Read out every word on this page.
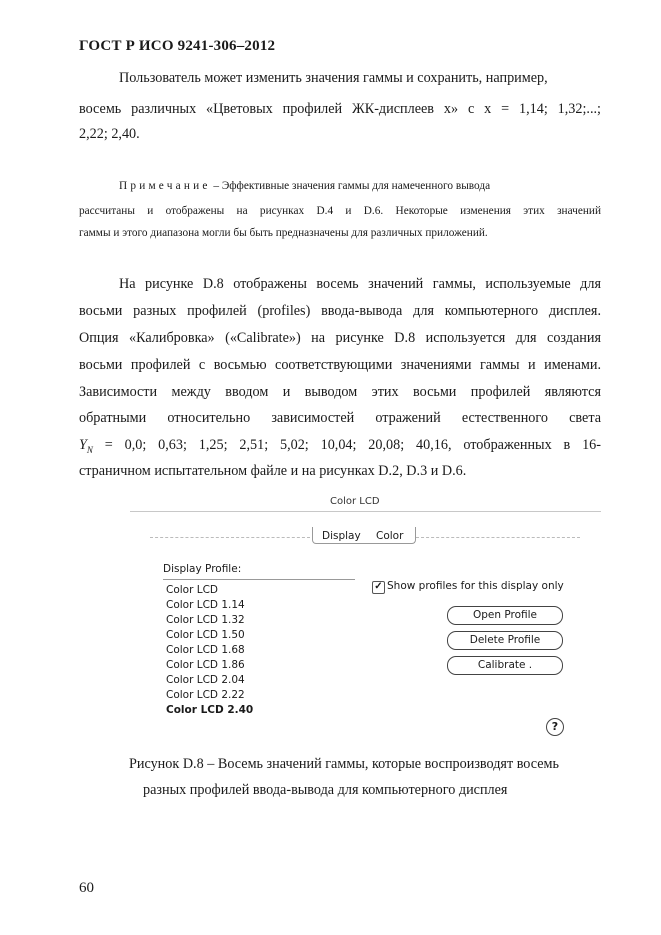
ГОСТ Р ИСО 9241-306–2012
Пользователь может изменить значения гаммы и сохранить, например,
восемь различных «Цветовых профилей ЖК-дисплеев x» с x = 1,14; 1,32;...;
2,22; 2,40.
Примечание – Эффективные значения гаммы для намеченного вывода
рассчитаны и отображены на рисунках D.4 и D.6. Некоторые изменения этих значений
гаммы и этого диапазона могли бы быть предназначены для различных приложений.
На рисунке D.8 отображены восемь значений гаммы, используемые для
восьми разных профилей (profiles) ввода-вывода для компьютерного дисплея.
Опция «Калибровка» («Calibrate») на рисунке D.8 используется для создания
восьми профилей с восьмью соответствующими значениями гаммы и именами.
Зависимости между вводом и выводом этих восьми профилей являются
обратными относительно зависимостей отражений естественного света
$Y_N = 0,0$; 0,63; 1,25; 2,51; 5,02; 10,04; 20,08; 40,16, отображенных в 16-
страничном испытательном файле и на рисунках D.2, D.3 и D.6.
Color LCD
Display Color
Display Profile:
Color LCD
Color LCD 1.14
Color LCD 1.32
Color LCD 1.50
Color LCD 1.68
Color LCD 1.86
Color LCD 2.04
Color LCD 2.22
Color LCD 2.40
✓ Show profiles for this display only
Open Profile
Delete Profile
Calibrate .
?
Рисунок D.8 – Восемь значений гаммы, которые воспроизводят восемь
разных профилей ввода-вывода для компьютерного дисплея
60
